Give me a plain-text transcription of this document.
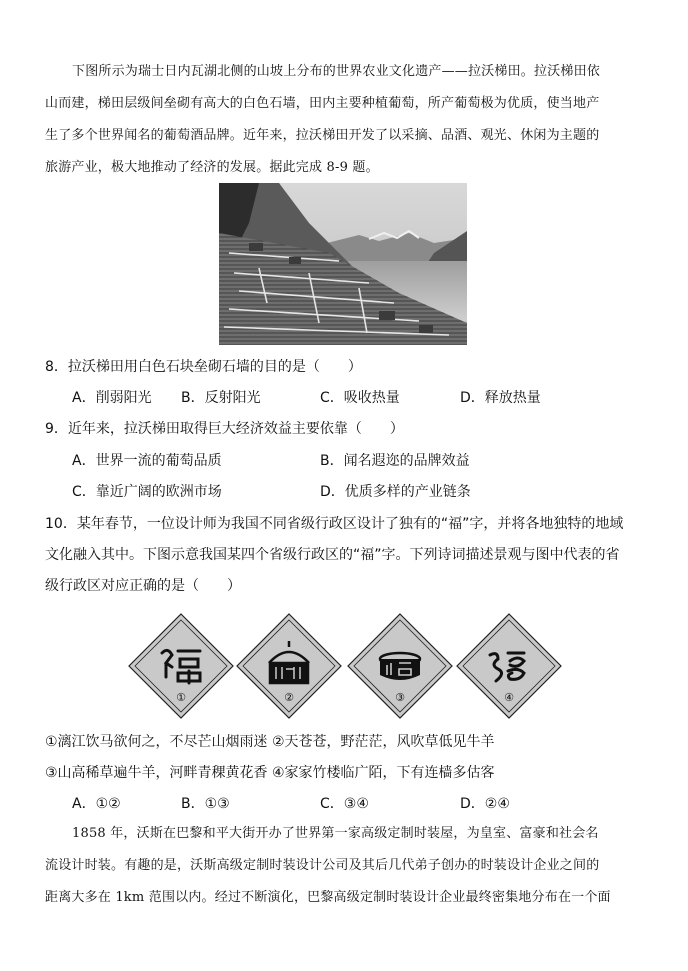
下图所示为瑞士日内瓦湖北侧的山坡上分布的世界农业文化遗产——拉沃梯田。拉沃梯田依
山而建，梯田层级间垒砌有高大的白色石墙，田内主要种植葡萄，所产葡萄极为优质，使当地产
生了多个世界闻名的葡萄酒品牌。近年来，拉沃梯田开发了以采摘、品酒、观光、休闲为主题的
旅游产业，极大地推动了经济的发展。据此完成 8-9 题。
8．拉沃梯田用白色石块垒砌石墙的目的是（　　）
A．削弱阳光 B．反射阳光	C．吸收热量	D．释放热量
9．近年来，拉沃梯田取得巨大经济效益主要依靠（　　）
A．世界一流的葡萄品质	B．闻名遐迩的品牌效益
C．靠近广阔的欧洲市场	D．优质多样的产业链条
10．某年春节，一位设计师为我国不同省级行政区设计了独有的“福”字，并将各地独特的地域
文化融入其中。下图示意我国某四个省级行政区的“福”字。下列诗词描述景观与图中代表的省
级行政区对应正确的是（　　）
①	②	③	④
①漓江饮马欲何之，不尽芒山烟雨迷 ②天苍苍，野茫茫，风吹草低见牛羊
③山高稀草遍牛羊，河畔青稞黄花香 ④家家竹楼临广陌，下有连樯多估客
A．①②	B．①③	C．③④	D．②④
1858 年，沃斯在巴黎和平大街开办了世界第一家高级定制时装屋，为皇室、富豪和社会名
流设计时装。有趣的是，沃斯高级定制时装设计公司及其后几代弟子创办的时装设计企业之间的
距离大多在 1km 范围以内。经过不断演化，巴黎高级定制时装设计企业最终密集地分布在一个面
